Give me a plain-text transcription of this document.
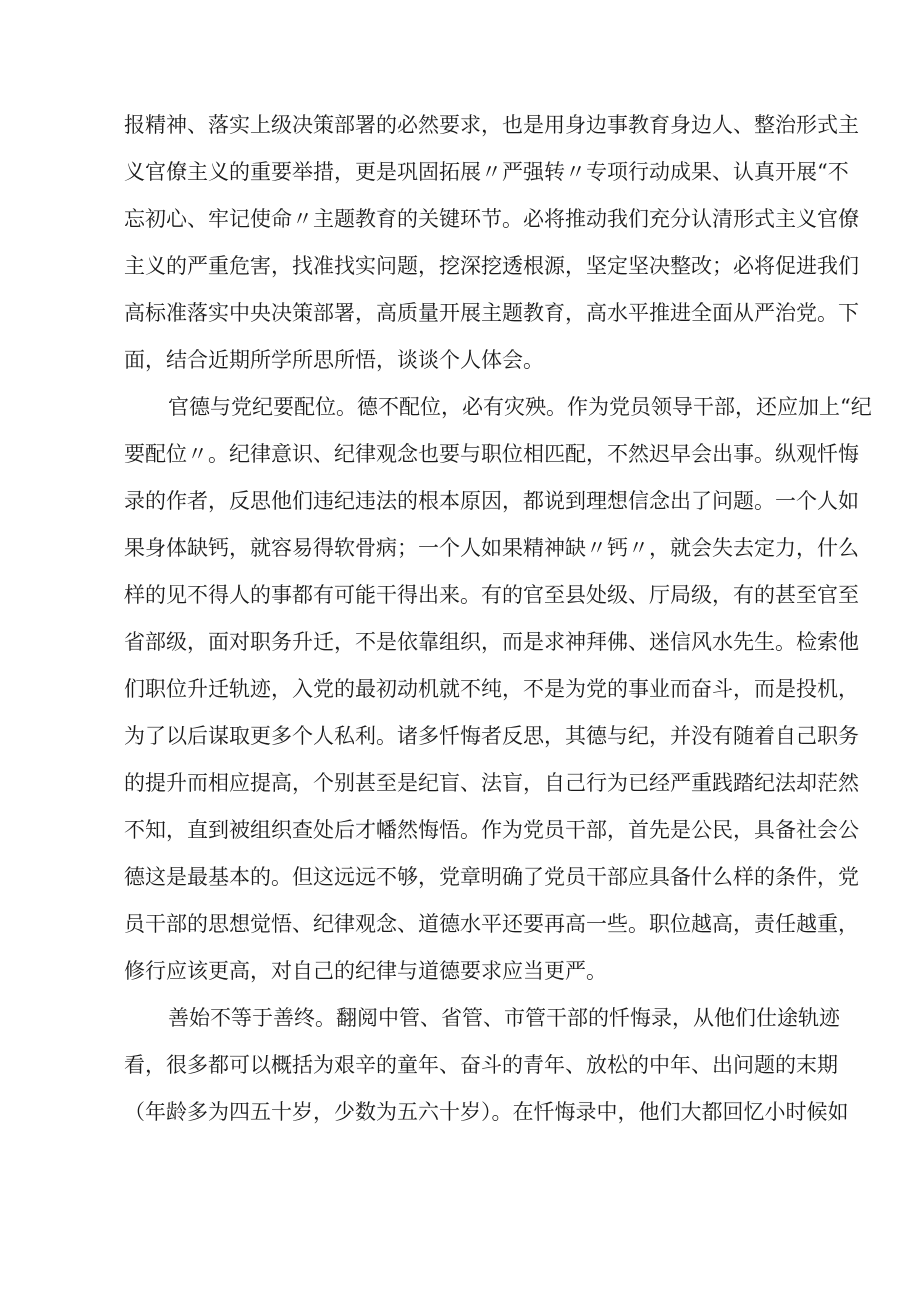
报精神、落实上级决策部署的必然要求，也是用身边事教育身边人、整治形式主
义官僚主义的重要举措，更是巩固拓展〃严强转〃专项行动成果、认真开展“不
忘初心、牢记使命〃主题教育的关键环节。必将推动我们充分认清形式主义官僚
主义的严重危害，找准找实问题，挖深挖透根源，坚定坚决整改；必将促进我们
高标准落实中央决策部署，高质量开展主题教育，高水平推进全面从严治党。下
面，结合近期所学所思所悟，谈谈个人体会。
官德与党纪要配位。德不配位，必有灾殃。作为党员领导干部，还应加上“纪
要配位〃。纪律意识、纪律观念也要与职位相匹配，不然迟早会出事。纵观忏悔
录的作者，反思他们违纪违法的根本原因，都说到理想信念出了问题。一个人如
果身体缺钙，就容易得软骨病；一个人如果精神缺〃钙〃，就会失去定力，什么
样的见不得人的事都有可能干得出来。有的官至县处级、厅局级，有的甚至官至
省部级，面对职务升迁，不是依靠组织，而是求神拜佛、迷信风水先生。检索他
们职位升迁轨迹，入党的最初动机就不纯，不是为党的事业而奋斗，而是投机，
为了以后谋取更多个人私利。诸多忏悔者反思，其德与纪，并没有随着自己职务
的提升而相应提高，个别甚至是纪盲、法盲，自己行为已经严重践踏纪法却茫然
不知，直到被组织查处后才幡然悔悟。作为党员干部，首先是公民，具备社会公
德这是最基本的。但这远远不够，党章明确了党员干部应具备什么样的条件，党
员干部的思想觉悟、纪律观念、道德水平还要再高一些。职位越高，责任越重，
修行应该更高，对自己的纪律与道德要求应当更严。
善始不等于善终。翻阅中管、省管、市管干部的忏悔录，从他们仕途轨迹
看，很多都可以概括为艰辛的童年、奋斗的青年、放松的中年、出问题的末期
（年龄多为四五十岁，少数为五六十岁）。在忏悔录中，他们大都回忆小时候如
